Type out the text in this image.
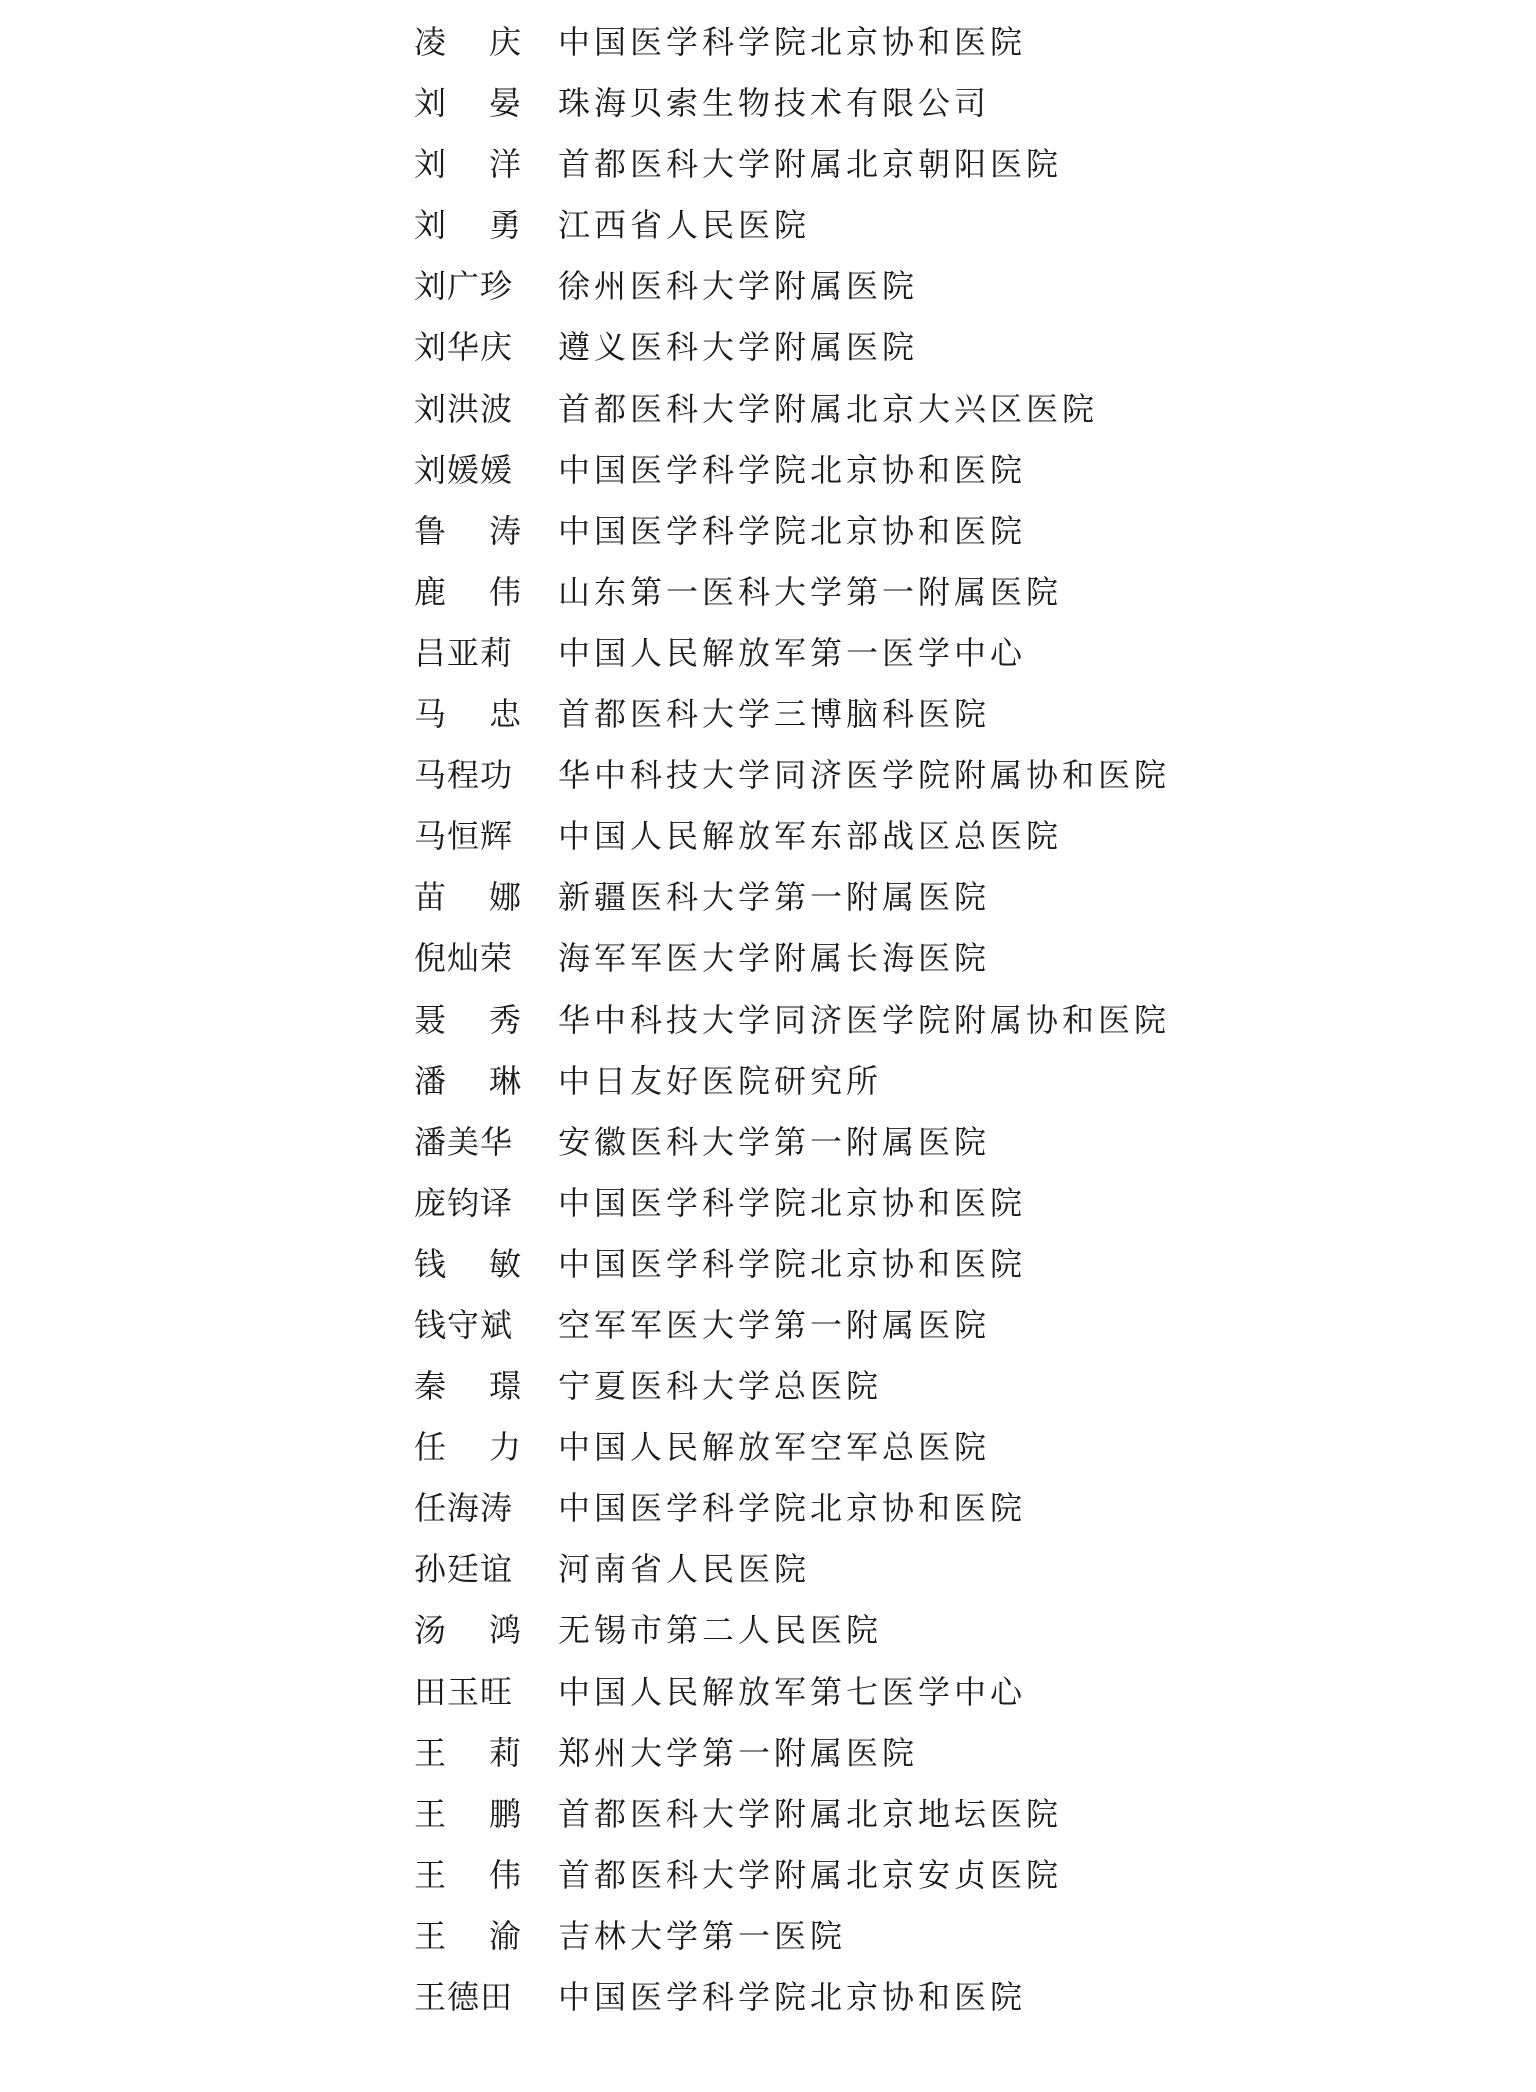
凌 庆 中国医学科学院北京协和医院
刘 晏 珠海贝索生物技术有限公司
刘 洋 首都医科大学附属北京朝阳医院
刘 勇 江西省人民医院
刘广珍 徐州医科大学附属医院
刘华庆 遵义医科大学附属医院
刘洪波 首都医科大学附属北京大兴区医院
刘媛媛 中国医学科学院北京协和医院
鲁 涛 中国医学科学院北京协和医院
鹿 伟 山东第一医科大学第一附属医院
吕亚莉 中国人民解放军第一医学中心
马 忠 首都医科大学三博脑科医院
马程功 华中科技大学同济医学院附属协和医院
马恒辉 中国人民解放军东部战区总医院
苗 娜 新疆医科大学第一附属医院
倪灿荣 海军军医大学附属长海医院
聂 秀 华中科技大学同济医学院附属协和医院
潘 琳 中日友好医院研究所
潘美华 安徽医科大学第一附属医院
庞钧译 中国医学科学院北京协和医院
钱 敏 中国医学科学院北京协和医院
钱守斌 空军军医大学第一附属医院
秦 璟 宁夏医科大学总医院
任 力 中国人民解放军空军总医院
任海涛 中国医学科学院北京协和医院
孙廷谊 河南省人民医院
汤 鸿 无锡市第二人民医院
田玉旺 中国人民解放军第七医学中心
王 莉 郑州大学第一附属医院
王 鹏 首都医科大学附属北京地坛医院
王 伟 首都医科大学附属北京安贞医院
王 渝 吉林大学第一医院
王德田 中国医学科学院北京协和医院
